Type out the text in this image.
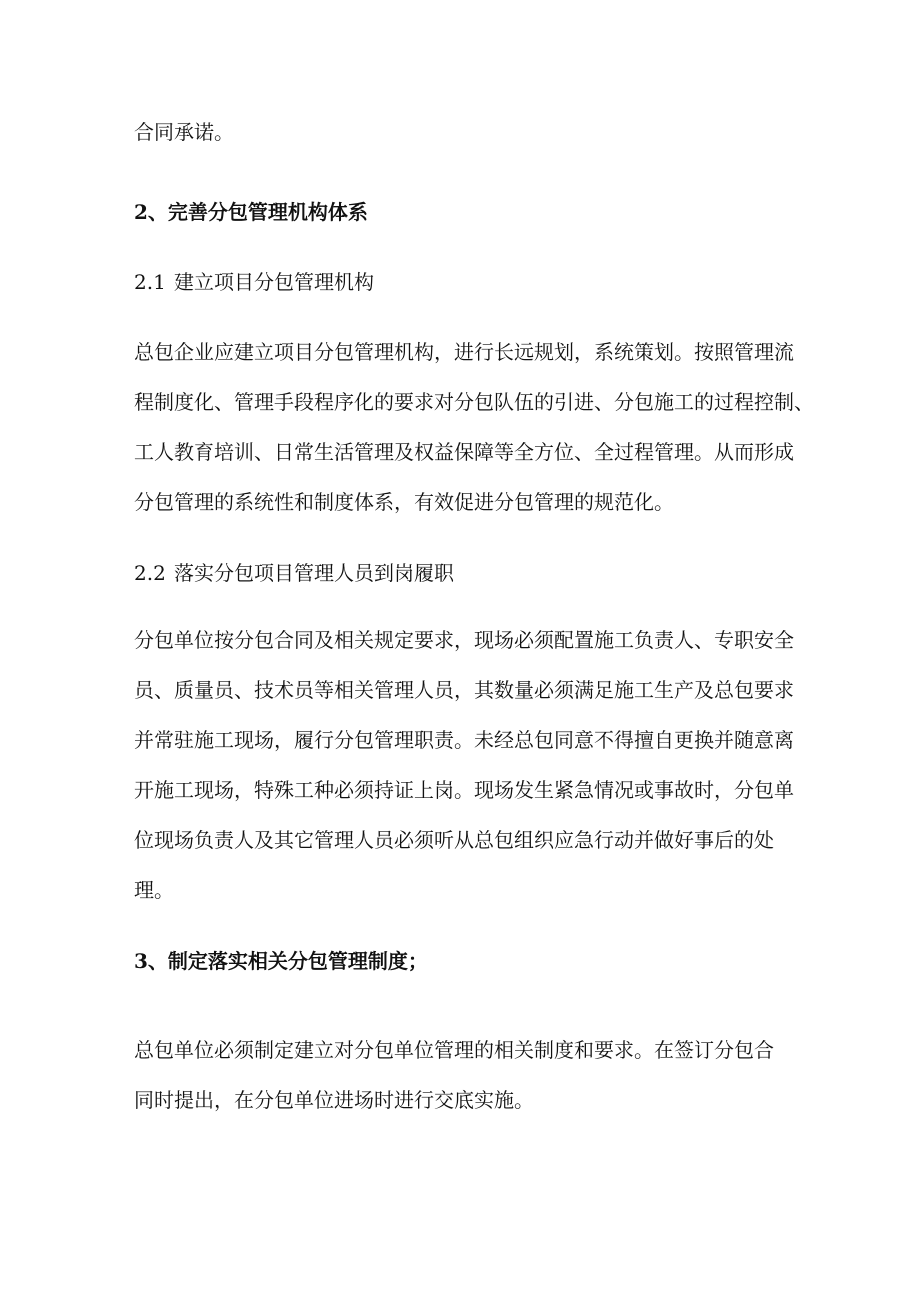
合同承诺。

2、完善分包管理机构体系

2.1 建立项目分包管理机构

总包企业应建立项目分包管理机构，进行长远规划，系统策划。按照管理流
程制度化、管理手段程序化的要求对分包队伍的引进、分包施工的过程控制、
工人教育培训、日常生活管理及权益保障等全方位、全过程管理。从而形成
分包管理的系统性和制度体系，有效促进分包管理的规范化。

2.2 落实分包项目管理人员到岗履职

分包单位按分包合同及相关规定要求，现场必须配置施工负责人、专职安全
员、质量员、技术员等相关管理人员，其数量必须满足施工生产及总包要求
并常驻施工现场，履行分包管理职责。未经总包同意不得擅自更换并随意离
开施工现场，特殊工种必须持证上岗。现场发生紧急情况或事故时，分包单
位现场负责人及其它管理人员必须听从总包组织应急行动并做好事后的处
理。

3、制定落实相关分包管理制度；

总包单位必须制定建立对分包单位管理的相关制度和要求。在签订分包合
同时提出，在分包单位进场时进行交底实施。
